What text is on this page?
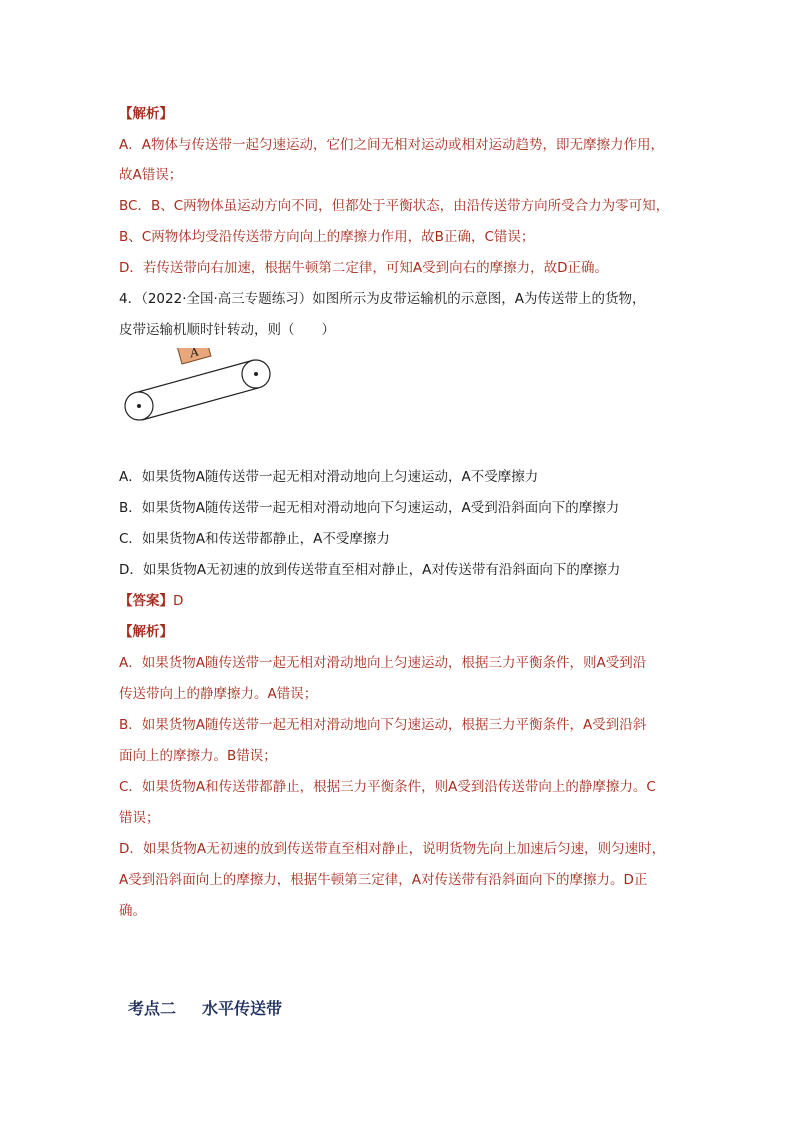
【解析】
A．A物体与传送带一起匀速运动，它们之间无相对运动或相对运动趋势，即无摩擦力作用，
故A错误；
BC．B、C两物体虽运动方向不同，但都处于平衡状态，由沿传送带方向所受合力为零可知，
B、C两物体均受沿传送带方向向上的摩擦力作用，故B正确，C错误；
D．若传送带向右加速，根据牛顿第二定律，可知A受到向右的摩擦力，故D正确。
4．（2022·全国·高三专题练习）如图所示为皮带运输机的示意图，A为传送带上的货物，
皮带运输机顺时针转动，则（　　）
A
A．如果货物A随传送带一起无相对滑动地向上匀速运动，A不受摩擦力
B．如果货物A随传送带一起无相对滑动地向下匀速运动，A受到沿斜面向下的摩擦力
C．如果货物A和传送带都静止，A不受摩擦力
D．如果货物A无初速的放到传送带直至相对静止，A对传送带有沿斜面向下的摩擦力
【答案】D
【解析】
A．如果货物A随传送带一起无相对滑动地向上匀速运动，根据三力平衡条件，则A受到沿
传送带向上的静摩擦力。A错误；
B．如果货物A随传送带一起无相对滑动地向下匀速运动，根据三力平衡条件，A受到沿斜
面向上的摩擦力。B错误；
C．如果货物A和传送带都静止，根据三力平衡条件，则A受到沿传送带向上的静摩擦力。C
错误；
D．如果货物A无初速的放到传送带直至相对静止，说明货物先向上加速后匀速，则匀速时，
A受到沿斜面向上的摩擦力，根据牛顿第三定律，A对传送带有沿斜面向下的摩擦力。D正
确。
考点二 水平传送带
